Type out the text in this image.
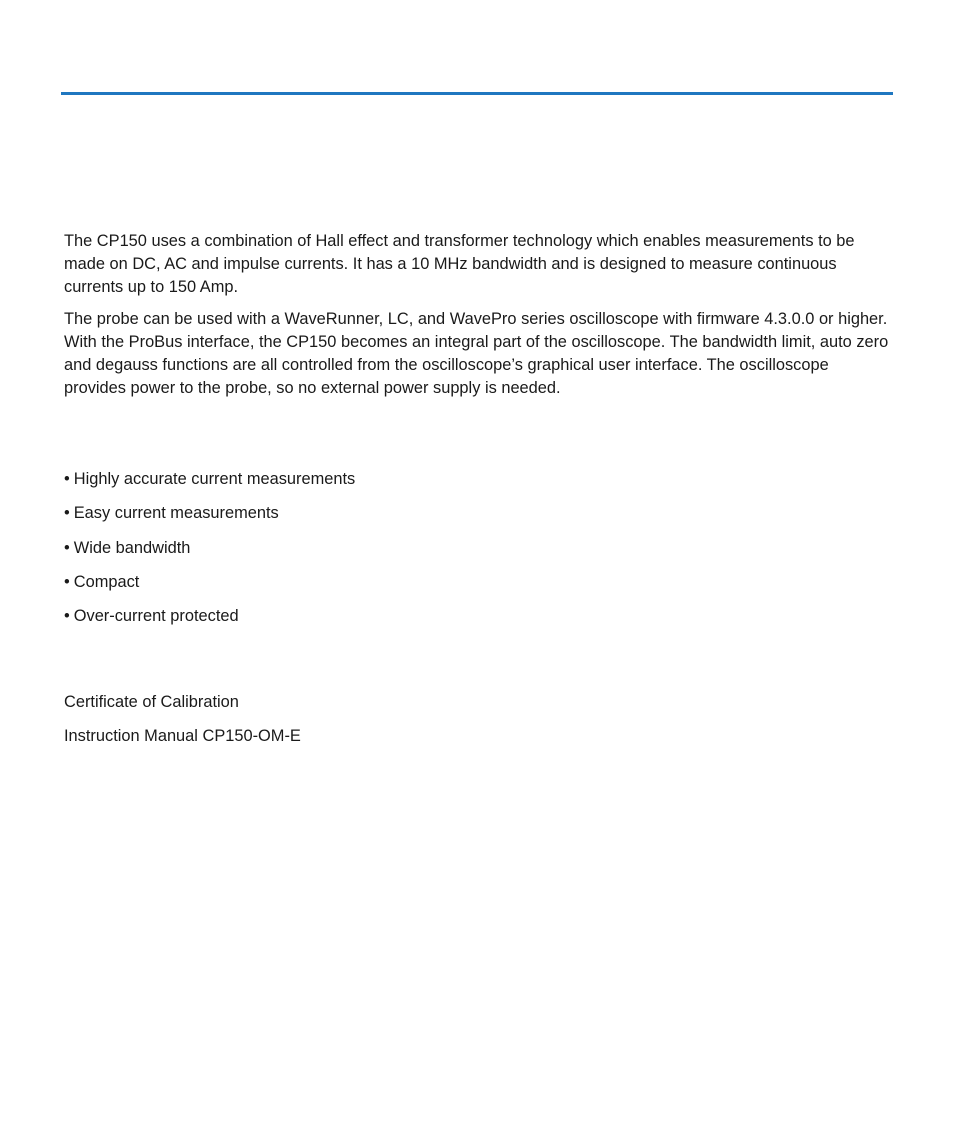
The CP150 uses a combination of Hall effect and transformer technology which enables measurements to be made on DC, AC and impulse currents. It has a 10 MHz bandwidth and is designed to measure continuous currents up to 150 Amp.

The probe can be used with a WaveRunner, LC, and WavePro series oscilloscope with firmware 4.3.0.0 or higher. With the ProBus interface, the CP150 becomes an integral part of the oscilloscope. The bandwidth limit, auto zero and degauss functions are all controlled from the oscilloscope’s graphical user interface. The oscilloscope provides power to the probe, so no external power supply is needed.

• Highly accurate current measurements
• Easy current measurements
• Wide bandwidth
• Compact
• Over-current protected
Certificate of Calibration
Instruction Manual CP150-OM-E
